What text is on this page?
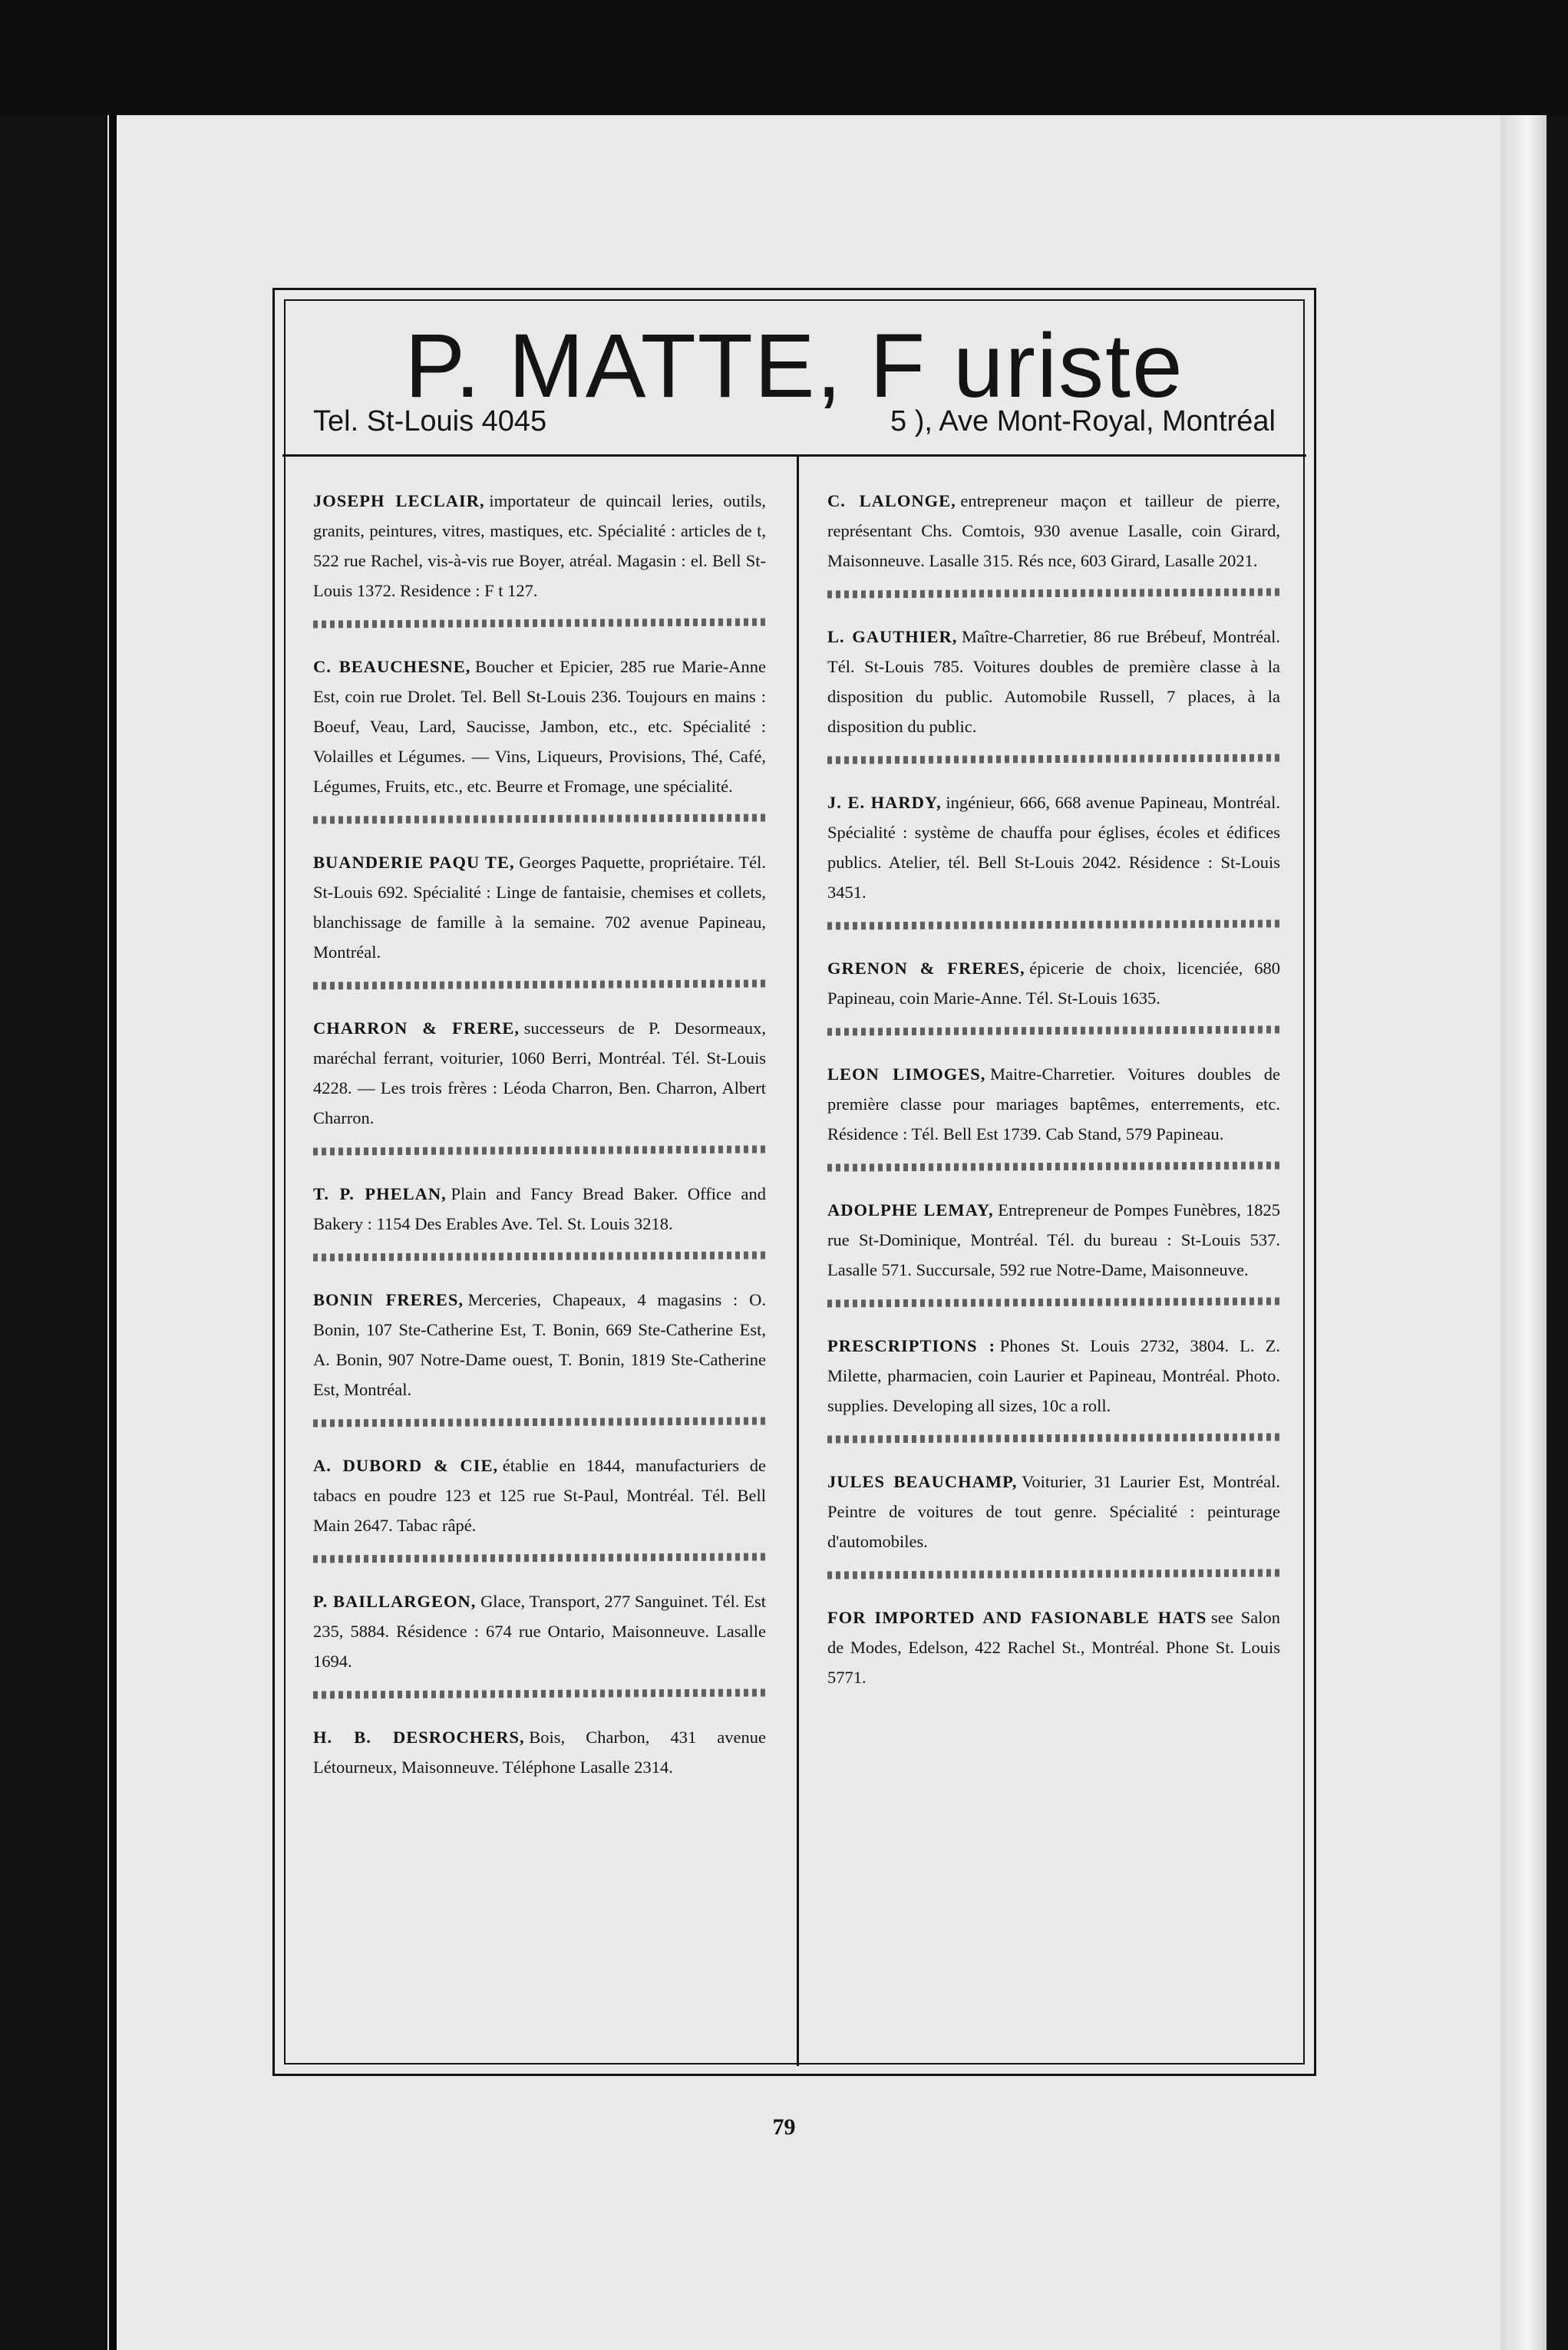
P. MATTE, F uriste
Tel. St-Louis 4045	5 ), Ave Mont-Royal, Montréal

JOSEPH LECLAIR, importateur de quincail leries, outils, granits, peintures, vitres, mastiques, etc. Spécialité : articles de t, 522 rue Rachel, vis-à-vis rue Boyer, atréal. Magasin : el. Bell St-Louis 1372. Residence : F t 127.

C. BEAUCHESNE, Boucher et Epicier, 285 rue Marie-Anne Est, coin rue Drolet. Tel. Bell St-Louis 236. Toujours en mains : Boeuf, Veau, Lard, Saucisse, Jambon, etc., etc. Spécialité : Volailles et Légumes. — Vins, Liqueurs, Provisions, Thé, Café, Légumes, Fruits, etc., etc. Beurre et Fromage, une spécialité.

BUANDERIE PAQU TE, Georges Paquette, propriétaire. Tél. St-Louis 692. Spécialité : Linge de fantaisie, chemises et collets, blanchissage de famille à la semaine. 702 avenue Papineau, Montréal.

CHARRON & FRERE, successeurs de P. Desormeaux, maréchal ferrant, voiturier, 1060 Berri, Montréal. Tél. St-Louis 4228. — Les trois frères : Léoda Charron, Ben. Charron, Albert Charron.

T. P. PHELAN, Plain and Fancy Bread Baker. Office and Bakery : 1154 Des Erables Ave. Tel. St. Louis 3218.

BONIN FRERES, Merceries, Chapeaux, 4 magasins : O. Bonin, 107 Ste-Catherine Est, T. Bonin, 669 Ste-Catherine Est, A. Bonin, 907 Notre-Dame ouest, T. Bonin, 1819 Ste-Catherine Est, Montréal.

A. DUBORD & CIE, établie en 1844, manufacturiers de tabacs en poudre 123 et 125 rue St-Paul, Montréal. Tél. Bell Main 2647. Tabac râpé.

P. BAILLARGEON, Glace, Transport, 277 Sanguinet. Tél. Est 235, 5884. Résidence : 674 rue Ontario, Maisonneuve. Lasalle 1694.

H. B. DESROCHERS, Bois, Charbon, 431 avenue Létourneux, Maisonneuve. Téléphone Lasalle 2314.

C. LALONGE, entrepreneur maçon et tailleur de pierre, représentant Chs. Comtois, 930 avenue Lasalle, coin Girard, Maisonneuve. Lasalle 315. Rés nce, 603 Girard, Lasalle 2021.

L. GAUTHIER, Maître-Charretier, 86 rue Brébeuf, Montréal. Tél. St-Louis 785. Voitures doubles de première classe à la disposition du public. Automobile Russell, 7 places, à la disposition du public.

J. E. HARDY, ingénieur, 666, 668 avenue Papineau, Montréal. Spécialité : système de chauffa pour églises, écoles et édifices publics. Atelier, tél. Bell St-Louis 2042. Résidence : St-Louis 3451.

GRENON & FRERES, épicerie de choix, licenciée, 680 Papineau, coin Marie-Anne. Tél. St-Louis 1635.

LEON LIMOGES, Maitre-Charretier. Voitures doubles de première classe pour mariages baptêmes, enterrements, etc. Résidence : Tél. Bell Est 1739. Cab Stand, 579 Papineau.

ADOLPHE LEMAY, Entrepreneur de Pompes Funèbres, 1825 rue St-Dominique, Montréal. Tél. du bureau : St-Louis 537. Lasalle 571. Succursale, 592 rue Notre-Dame, Maisonneuve.

PRESCRIPTIONS : Phones St. Louis 2732, 3804. L. Z. Milette, pharmacien, coin Laurier et Papineau, Montréal. Photo. supplies. Developing all sizes, 10c a roll.

JULES BEAUCHAMP, Voiturier, 31 Laurier Est, Montréal. Peintre de voitures de tout genre. Spécialité : peinturage d'automobiles.

FOR IMPORTED AND FASIONABLE HATS see Salon de Modes, Edelson, 422 Rachel St., Montréal. Phone St. Louis 5771.

79
